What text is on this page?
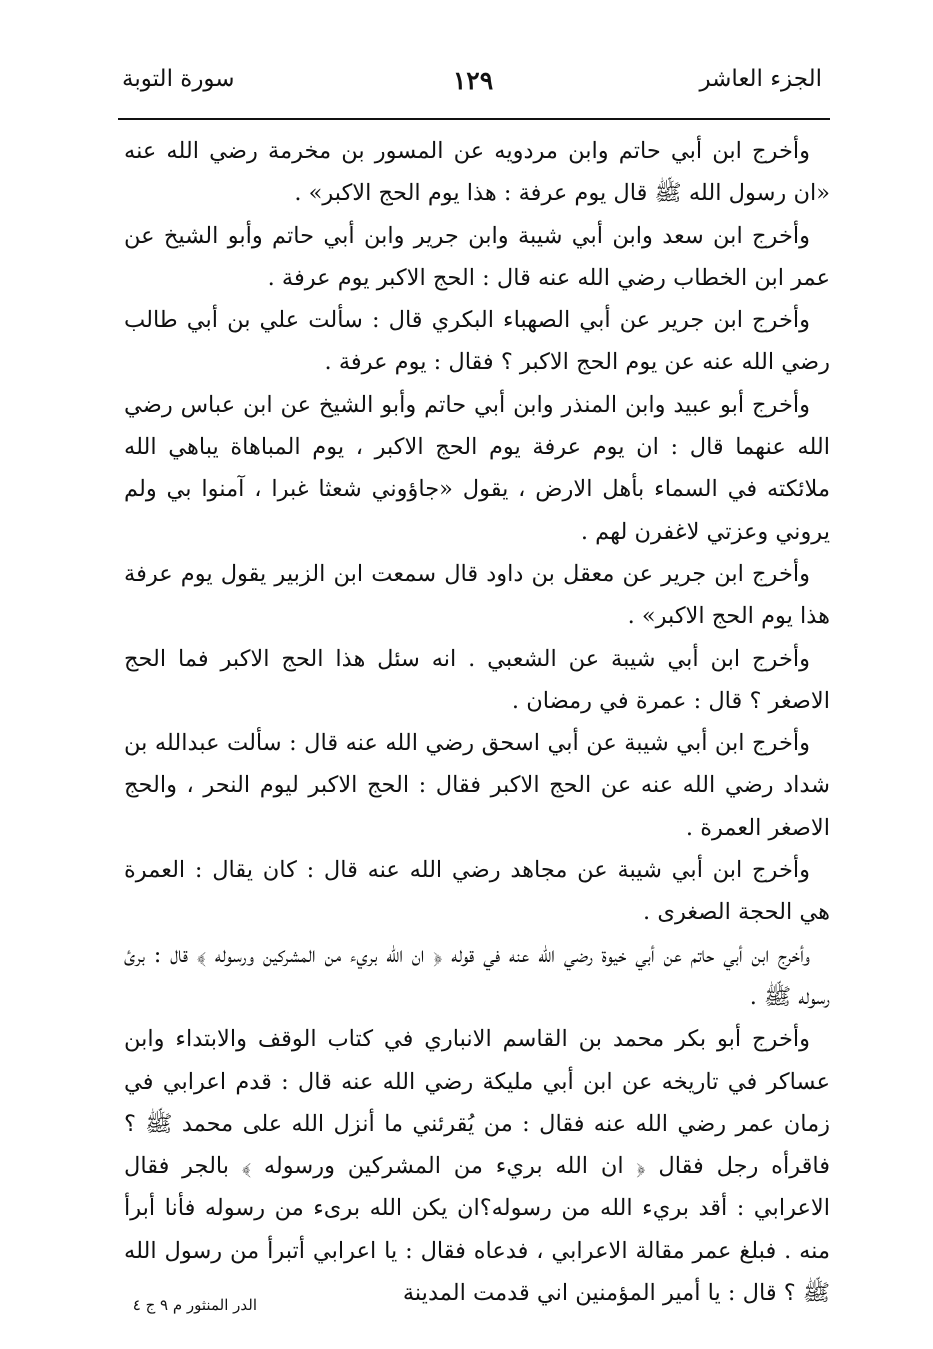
الجزء العاشر
١٢٩
سورة التوبة

وأخرج ابن أبي حاتم وابن مردويه عن المسور بن مخرمة رضي الله عنه «ان رسول الله ﷺ قال يوم عرفة : هذا يوم الحج الاكبر» .

وأخرج ابن سعد وابن أبي شيبة وابن جرير وابن أبي حاتم وأبو الشيخ عن عمر ابن الخطاب رضي الله عنه قال : الحج الاكبر يوم عرفة .

وأخرج ابن جرير عن أبي الصهباء البكري قال : سألت علي بن أبي طالب رضي الله عنه عن يوم الحج الاكبر ؟ فقال : يوم عرفة .

وأخرج أبو عبيد وابن المنذر وابن أبي حاتم وأبو الشيخ عن ابن عباس رضي الله عنهما قال : ان يوم عرفة يوم الحج الاكبر ، يوم المباهاة يباهي الله ملائكته في السماء بأهل الارض ، يقول «جاؤوني شعثا غبرا ، آمنوا بي ولم يروني وعزتي لاغفرن لهم .

وأخرج ابن جرير عن معقل بن داود قال سمعت ابن الزبير يقول يوم عرفة هذا يوم الحج الاكبر» .

وأخرج ابن أبي شيبة عن الشعبي . انه سئل هذا الحج الاكبر فما الحج الاصغر ؟ قال : عمرة في رمضان .

وأخرج ابن أبي شيبة عن أبي اسحق رضي الله عنه قال : سألت عبدالله بن شداد رضي الله عنه عن الحج الاكبر فقال : الحج الاكبر ليوم النحر ، والحج الاصغر العمرة .

وأخرج ابن أبي شيبة عن مجاهد رضي الله عنه قال : كان يقال : العمرة هي الحجة الصغرى .

وأخرج ابن أبي حاتم عن أبي خيوة رضي الله عنه في قوله ﴿ ان الله بريء من المشركين ورسوله ﴾ قال : برئ رسوله ﷺ .

وأخرج أبو بكر محمد بن القاسم الانباري في كتاب الوقف والابتداء وابن عساكر في تاريخه عن ابن أبي مليكة رضي الله عنه قال : قدم اعرابي في زمان عمر رضي الله عنه فقال : من يُقرئني ما أنزل الله على محمد ﷺ ؟ فاقرأه رجل فقال ﴿ ان الله بريء من المشركين ورسوله ﴾ بالجر فقال الاعرابي : أقد بريء الله من رسوله؟ان يكن الله برىء من رسوله فأنا أبرأ منه . فبلغ عمر مقالة الاعرابي ، فدعاه فقال : يا اعرابي أتبرأ من رسول الله ﷺ ؟ قال : يا أمير المؤمنين اني قدمت المدينة

الدر المنثور م ٩ ج ٤
